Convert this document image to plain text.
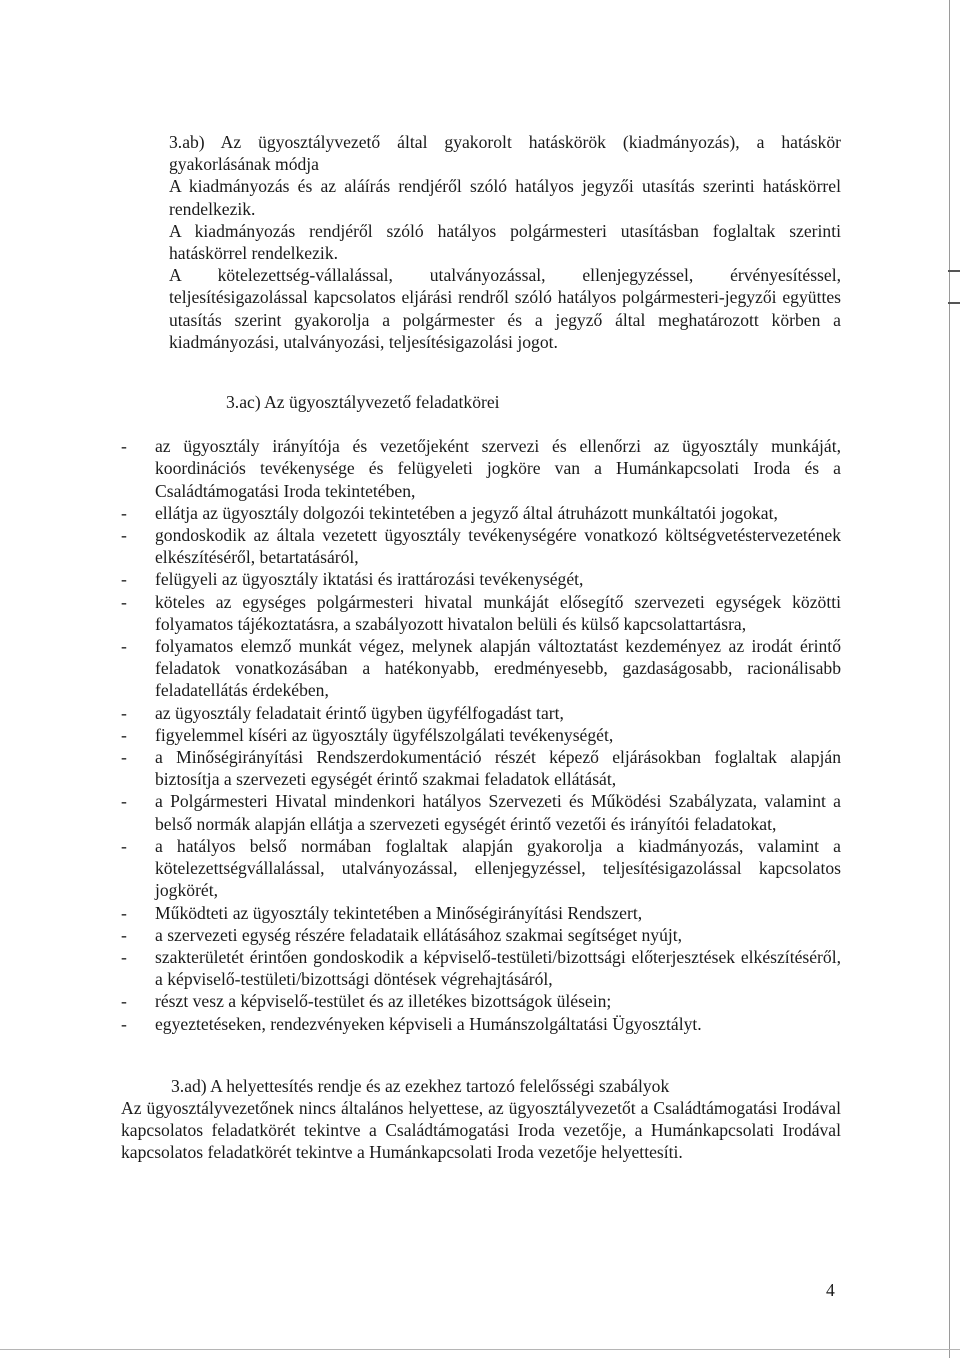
3.ab) Az ügyosztályvezető által gyakorolt hatáskörök (kiadmányozás), a hatáskör gyakorlásának módja

A kiadmányozás és az aláírás rendjéről szóló hatályos jegyzői utasítás szerinti hatáskörrel rendelkezik.

A kiadmányozás rendjéről szóló hatályos polgármesteri utasításban foglaltak szerinti hatáskörrel rendelkezik.

A kötelezettség-vállalással, utalványozással, ellenjegyzéssel, érvényesítéssel, teljesítésigazolással kapcsolatos eljárási rendről szóló hatályos polgármesteri-jegyzői együttes utasítás szerint gyakorolja a polgármester és a jegyző által meghatározott körben a kiadmányozási, utalványozási, teljesítésigazolási jogot.

3.ac) Az ügyosztályvezető feladatkörei

- az ügyosztály irányítója és vezetőjeként szervezi és ellenőrzi az ügyosztály munkáját, koordinációs tevékenysége és felügyeleti jogköre van a Humánkapcsolati Iroda és a Családtámogatási Iroda tekintetében,
- ellátja az ügyosztály dolgozói tekintetében a jegyző által átruházott munkáltatói jogokat,
- gondoskodik az általa vezetett ügyosztály tevékenységére vonatkozó költségvetéstervezetének elkészítéséről, betartatásáról,
- felügyeli az ügyosztály iktatási és irattározási tevékenységét,
- köteles az egységes polgármesteri hivatal munkáját elősegítő szervezeti egységek közötti folyamatos tájékoztatásra, a szabályozott hivatalon belüli és külső kapcsolattartásra,
- folyamatos elemző munkát végez, melynek alapján változtatást kezdeményez az irodát érintő feladatok vonatkozásában a hatékonyabb, eredményesebb, gazdaságosabb, racionálisabb feladatellátás érdekében,
- az ügyosztály feladatait érintő ügyben ügyfélfogadást tart,
- figyelemmel kíséri az ügyosztály ügyfélszolgálati tevékenységét,
- a Minőségirányítási Rendszerdokumentáció részét képező eljárásokban foglaltak alapján biztosítja a szervezeti egységét érintő szakmai feladatok ellátását,
- a Polgármesteri Hivatal mindenkori hatályos Szervezeti és Működési Szabályzata, valamint a belső normák alapján ellátja a szervezeti egységét érintő vezetői és irányítói feladatokat,
- a hatályos belső normában foglaltak alapján gyakorolja a kiadmányozás, valamint a kötelezettségvállalással, utalványozással, ellenjegyzéssel, teljesítésigazolással kapcsolatos jogkörét,
- Működteti az ügyosztály tekintetében a Minőségirányítási Rendszert,
- a szervezeti egység részére feladataik ellátásához szakmai segítséget nyújt,
- szakterületét érintően gondoskodik a képviselő-testületi/bizottsági előterjesztések elkészítéséről, a képviselő-testületi/bizottsági döntések végrehajtásáról,
- részt vesz a képviselő-testület és az illetékes bizottságok ülésein;
- egyeztetéseken, rendezvényeken képviseli a Humánszolgáltatási Ügyosztályt.

3.ad) A helyettesítés rendje és az ezekhez tartozó felelősségi szabályok

Az ügyosztályvezetőnek nincs általános helyettese, az ügyosztályvezetőt a Családtámogatási Irodával kapcsolatos feladatkörét tekintve a Családtámogatási Iroda vezetője, a Humánkapcsolati Irodával kapcsolatos feladatkörét tekintve a Humánkapcsolati Iroda vezetője helyettesíti.

4
